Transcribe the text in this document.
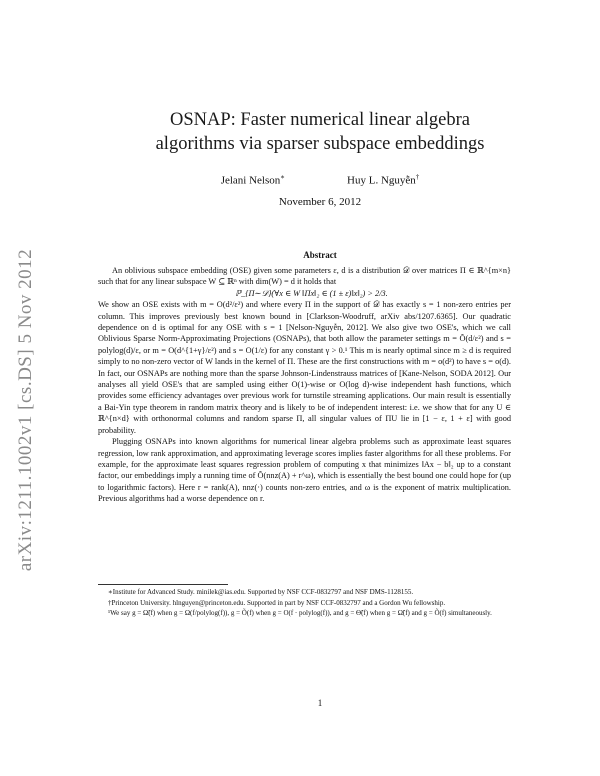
arXiv:1211.1002v1 [cs.DS] 5 Nov 2012
OSNAP: Faster numerical linear algebra
algorithms via sparser subspace embeddings
Jelani Nelson∗	Huy L. Nguyễn†
November 6, 2012
Abstract

An oblivious subspace embedding (OSE) given some parameters ε, d is a distribution 𝒟 over matrices Π ∈ ℝ^{m×n} such that for any linear subspace W ⊆ ℝⁿ with dim(W) = d it holds that

ℙ_{Π∼𝒟}(∀x ∈ W ‖Πx‖₂ ∈ (1 ± ε)‖x‖₂) > 2/3.

We show an OSE exists with m = O(d²/ε²) and where every Π in the support of 𝒟 has exactly s = 1 non-zero entries per column. This improves previously best known bound in [Clarkson-Woodruff, arXiv abs/1207.6365]. Our quadratic dependence on d is optimal for any OSE with s = 1 [Nelson-Nguyễn, 2012]. We also give two OSE's, which we call Oblivious Sparse Norm-Approximating Projections (OSNAPs), that both allow the parameter settings m = Õ(d/ε²) and s = polylog(d)/ε, or m = O(d^{1+γ}/ε²) and s = O(1/ε) for any constant γ > 0.¹ This m is nearly optimal since m ≥ d is required simply to no non-zero vector of W lands in the kernel of Π. These are the first constructions with m = o(d²) to have s = o(d). In fact, our OSNAPs are nothing more than the sparse Johnson-Lindenstrauss matrices of [Kane-Nelson, SODA 2012]. Our analyses all yield OSE's that are sampled using either O(1)-wise or O(log d)-wise independent hash functions, which provides some efficiency advantages over previous work for turnstile streaming applications. Our main result is essentially a Bai-Yin type theorem in random matrix theory and is likely to be of independent interest: i.e. we show that for any U ∈ ℝ^{n×d} with orthonormal columns and random sparse Π, all singular values of ΠU lie in [1 − ε, 1 + ε] with good probability.

Plugging OSNAPs into known algorithms for numerical linear algebra problems such as approximate least squares regression, low rank approximation, and approximating leverage scores implies faster algorithms for all these problems. For example, for the approximate least squares regression problem of computing x that minimizes ‖Ax − b‖₂ up to a constant factor, our embeddings imply a running time of Õ(nnz(A) + r^ω), which is essentially the best bound one could hope for (up to logarithmic factors). Here r = rank(A), nnz(·) counts non-zero entries, and ω is the exponent of matrix multiplication. Previous algorithms had a worse dependence on r.

∗Institute for Advanced Study. minilek@ias.edu. Supported by NSF CCF-0832797 and NSF DMS-1128155.

†Princeton University. hlnguyen@princeton.edu. Supported in part by NSF CCF-0832797 and a Gordon Wu fellowship.

¹We say g = Ω̃(f) when g = Ω(f/polylog(f)), g = Õ(f) when g = O(f · polylog(f)), and g = Θ̃(f) when g = Ω̃(f) and g = Õ(f) simultaneously.

1
